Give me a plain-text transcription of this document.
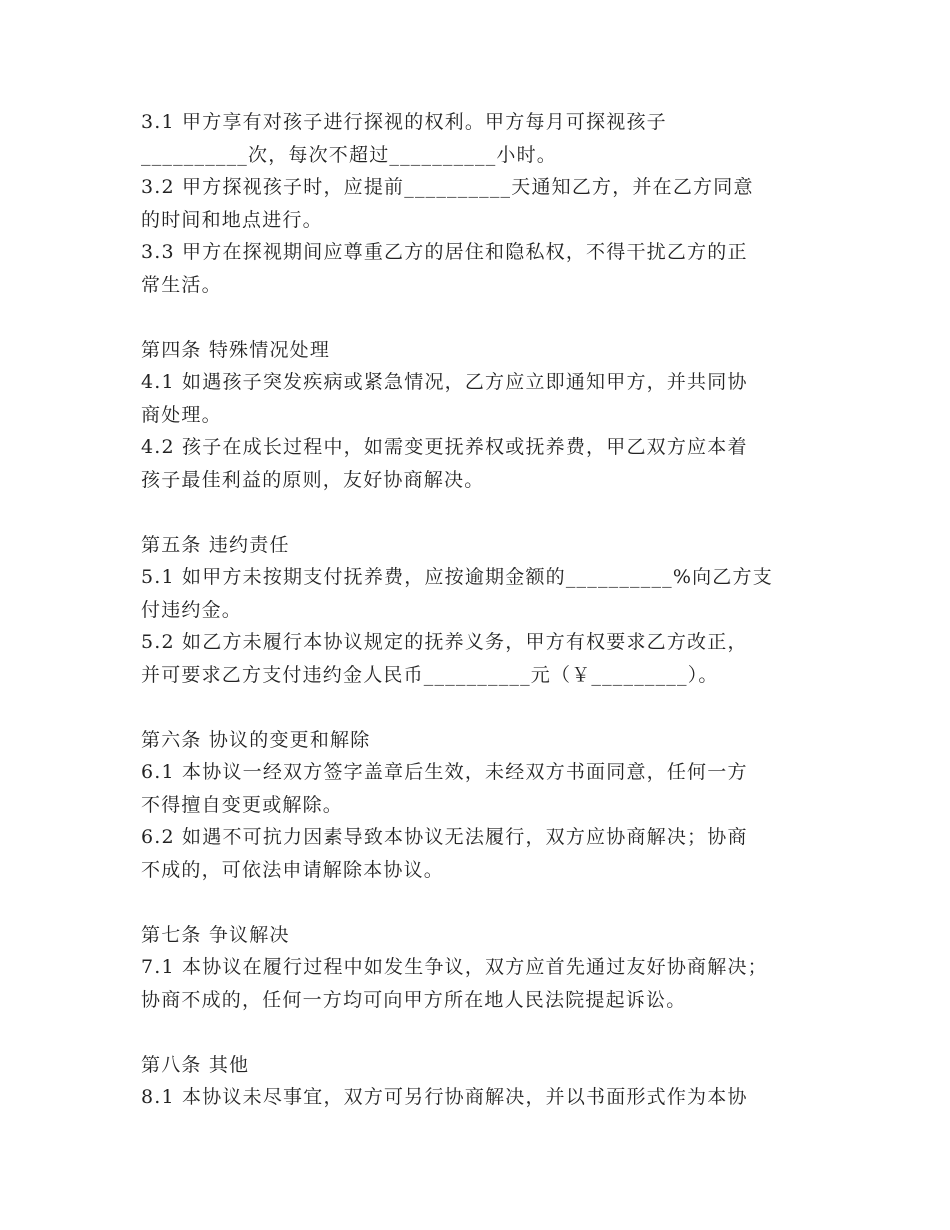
3.1 甲方享有对孩子进行探视的权利。甲方每月可探视孩子
__________次，每次不超过__________小时。
3.2 甲方探视孩子时，应提前__________天通知乙方，并在乙方同意
的时间和地点进行。
3.3 甲方在探视期间应尊重乙方的居住和隐私权，不得干扰乙方的正
常生活。
第四条 特殊情况处理
4.1 如遇孩子突发疾病或紧急情况，乙方应立即通知甲方，并共同协
商处理。
4.2 孩子在成长过程中，如需变更抚养权或抚养费，甲乙双方应本着
孩子最佳利益的原则，友好协商解决。
第五条 违约责任
5.1 如甲方未按期支付抚养费，应按逾期金额的__________%向乙方支
付违约金。
5.2 如乙方未履行本协议规定的抚养义务，甲方有权要求乙方改正，
并可要求乙方支付违约金人民币__________元（￥_________）。
第六条 协议的变更和解除
6.1 本协议一经双方签字盖章后生效，未经双方书面同意，任何一方
不得擅自变更或解除。
6.2 如遇不可抗力因素导致本协议无法履行，双方应协商解决；协商
不成的，可依法申请解除本协议。
第七条 争议解决
7.1 本协议在履行过程中如发生争议，双方应首先通过友好协商解决；
协商不成的，任何一方均可向甲方所在地人民法院提起诉讼。
第八条 其他
8.1 本协议未尽事宜，双方可另行协商解决，并以书面形式作为本协
